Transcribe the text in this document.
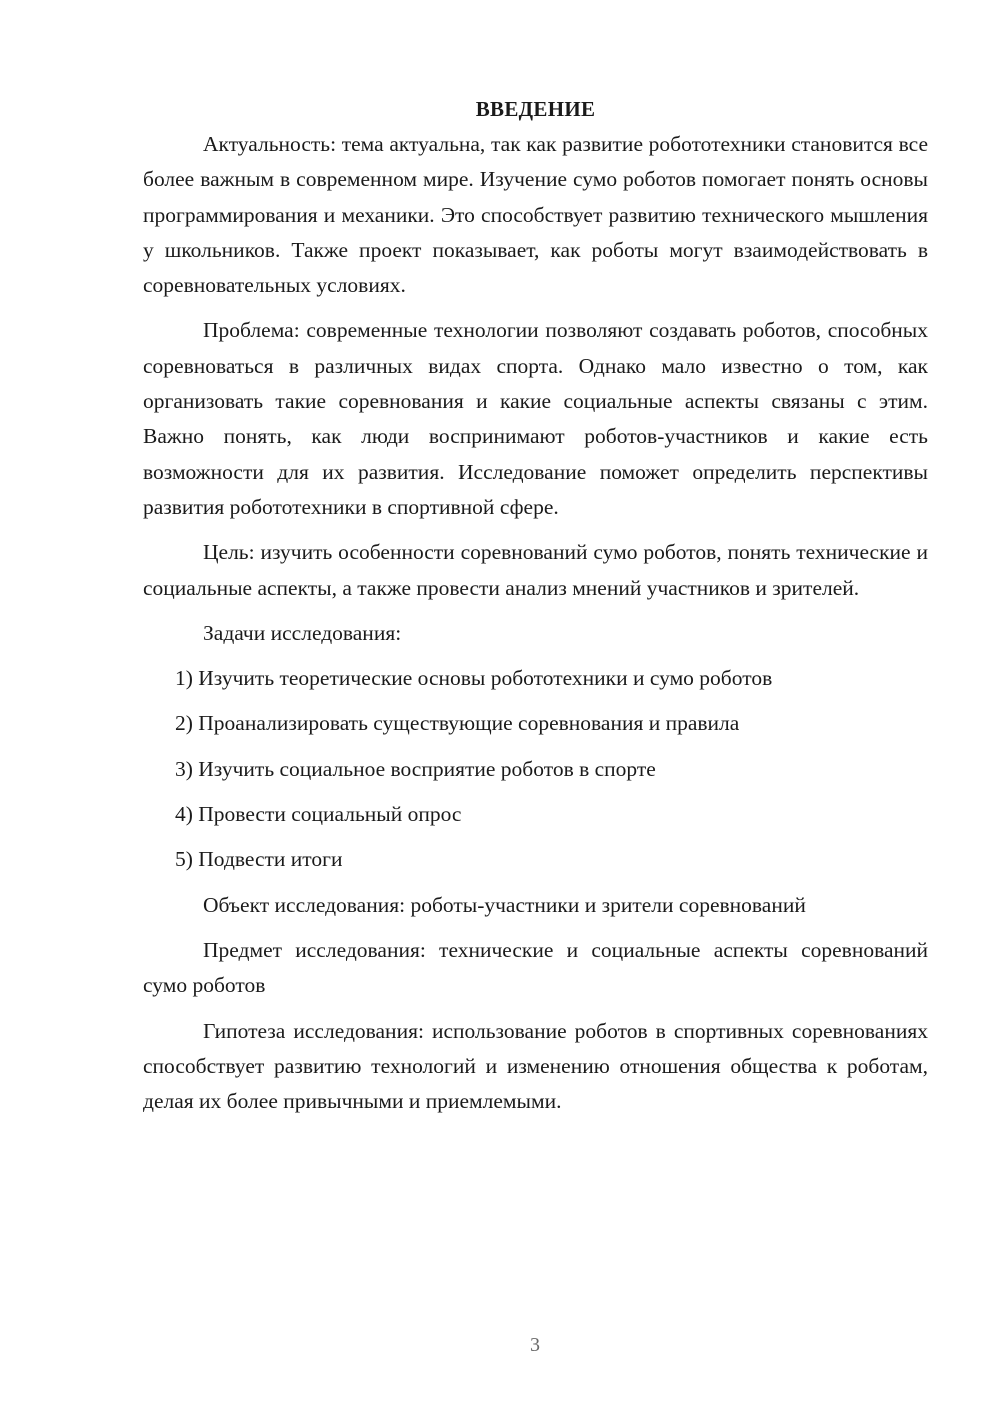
ВВЕДЕНИЕ

Актуальность: тема актуальна, так как развитие робототехники становится все более важным в современном мире. Изучение сумо роботов помогает понять основы программирования и механики. Это способствует развитию технического мышления у школьников. Также проект показывает, как роботы могут взаимодействовать в соревновательных условиях.

Проблема: современные технологии позволяют создавать роботов, способных соревноваться в различных видах спорта. Однако мало известно о том, как организовать такие соревнования и какие социальные аспекты связаны с этим. Важно понять, как люди воспринимают роботов-участников и какие есть возможности для их развития. Исследование поможет определить перспективы развития робототехники в спортивной сфере.

Цель: изучить особенности соревнований сумо роботов, понять технические и социальные аспекты, а также провести анализ мнений участников и зрителей.

Задачи исследования:

1) Изучить теоретические основы робототехники и сумо роботов

2) Проанализировать существующие соревнования и правила

3) Изучить социальное восприятие роботов в спорте

4) Провести социальный опрос

5) Подвести итоги

Объект исследования: роботы-участники и зрители соревнований

Предмет исследования: технические и социальные аспекты соревнований сумо роботов

Гипотеза исследования: использование роботов в спортивных соревнованиях способствует развитию технологий и изменению отношения общества к роботам, делая их более привычными и приемлемыми.

3
